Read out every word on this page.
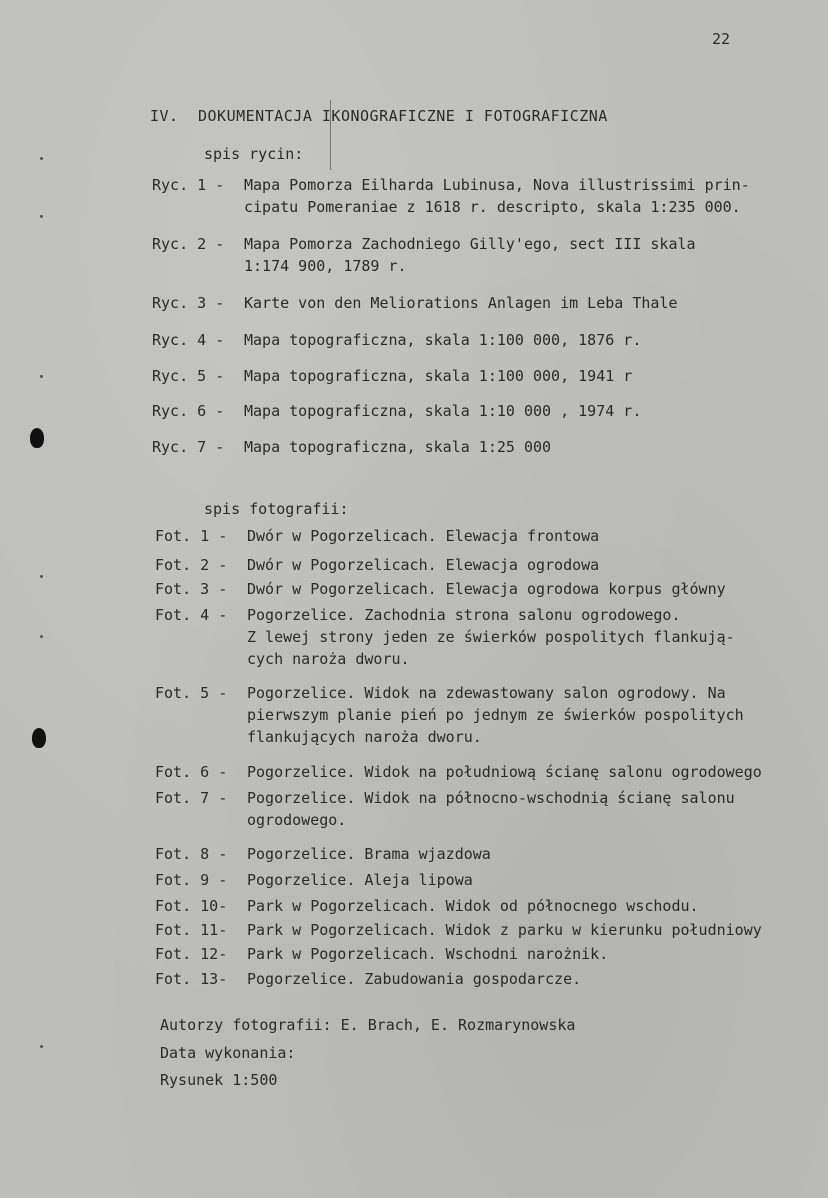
22
IV. DOKUMENTACJA IKONOGRAFICZNE I FOTOGRAFICZNA
spis rycin:
Ryc. 1 - Mapa Pomorza Eilharda Lubinusa, Nova illustrissimi prin-
cipatu Pomeraniae z 1618 r. descripto, skala 1:235 000.
Ryc. 2 - Mapa Pomorza Zachodniego Gilly'ego, sect III skala
1:174 900, 1789 r.
Ryc. 3 - Karte von den Meliorations Anlagen im Leba Thale
Ryc. 4 - Mapa topograficzna, skala 1:100 000, 1876 r.
Ryc. 5 - Mapa topograficzna, skala 1:100 000, 1941 r
Ryc. 6 - Mapa topograficzna, skala 1:10 000 , 1974 r.
Ryc. 7 - Mapa topograficzna, skala 1:25 000
spis fotografii:
Fot. 1 - Dwór w Pogorzelicach. Elewacja frontowa
Fot. 2 - Dwór w Pogorzelicach. Elewacja ogrodowa
Fot. 3 - Dwór w Pogorzelicach. Elewacja ogrodowa korpus główny
Fot. 4 - Pogorzelice. Zachodnia strona salonu ogrodowego.
Z lewej strony jeden ze świerków pospolitych flankują-
cych naroża dworu.
Fot. 5 - Pogorzelice. Widok na zdewastowany salon ogrodowy. Na
pierwszym planie pień po jednym ze świerków pospolitych
flankujących naroża dworu.
Fot. 6 - Pogorzelice. Widok na południową ścianę salonu ogrodowego
Fot. 7 - Pogorzelice. Widok na północno-wschodnią ścianę salonu
ogrodowego.
Fot. 8 - Pogorzelice. Brama wjazdowa
Fot. 9 - Pogorzelice. Aleja lipowa
Fot. 10- Park w Pogorzelicach. Widok od północnego wschodu.
Fot. 11- Park w Pogorzelicach. Widok z parku w kierunku południowy
Fot. 12- Park w Pogorzelicach. Wschodni narożnik.
Fot. 13- Pogorzelice. Zabudowania gospodarcze.
Autorzy fotografii: E. Brach, E. Rozmarynowska
Data wykonania:
Rysunek 1:500
